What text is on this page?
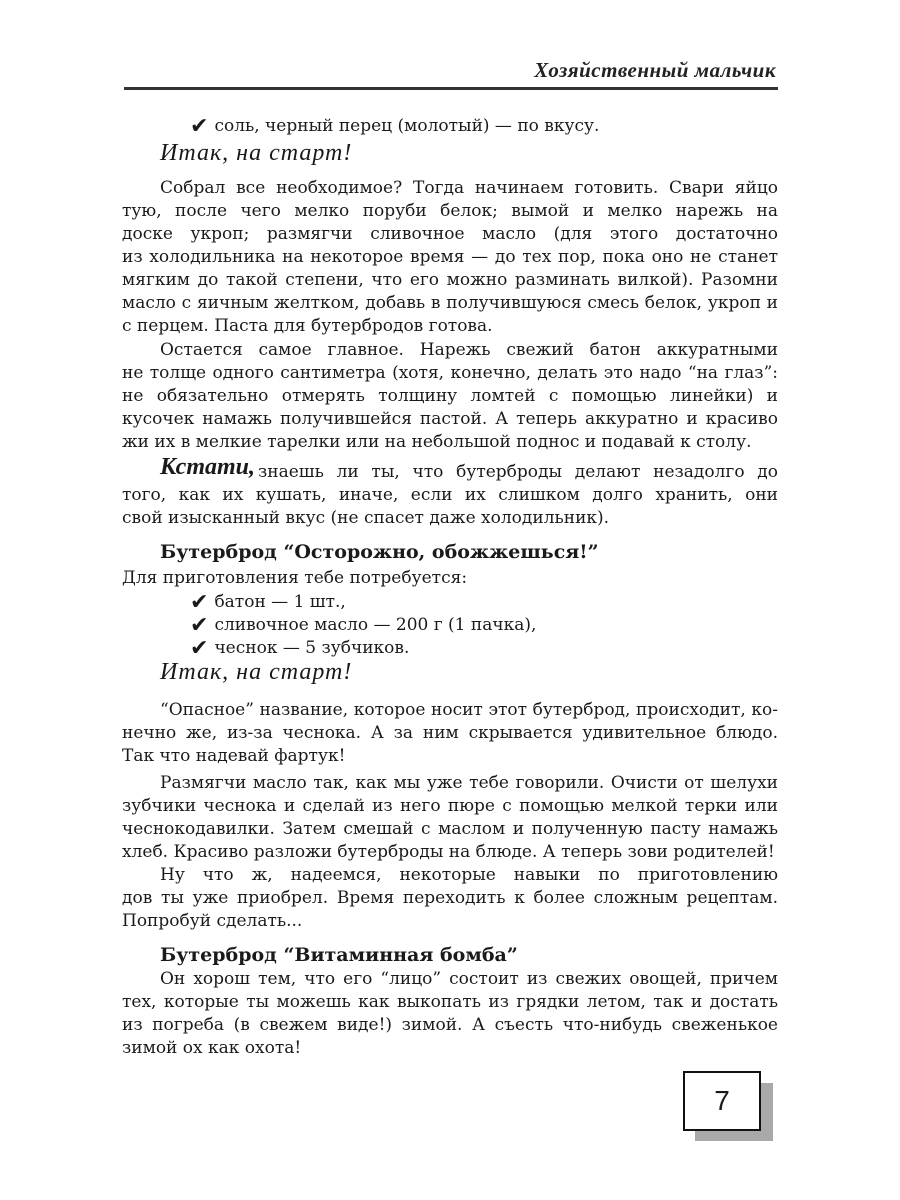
Хозяйственный мальчик
✔ соль, черный перец (молотый) — по вкусу.
Итак, на старт!
Собрал все необходимое? Тогда начинаем готовить. Свари яйцо
тую, после чего мелко поруби белок; вымой и мелко нарежь на
доске укроп; размягчи сливочное масло (для этого достаточно
из холодильника на некоторое время — до тех пор, пока оно не станет
мягким до такой степени, что его можно разминать вилкой). Разомни
масло с яичным желтком, добавь в получившуюся смесь белок, укроп и
с перцем. Паста для бутербродов готова.
Остается самое главное. Нарежь свежий батон аккуратными
не толще одного сантиметра (хотя, конечно, делать это надо “на глаз”:
не обязательно отмерять толщину ломтей с помощью линейки) и
кусочек намажь получившейся пастой. А теперь аккуратно и красиво
жи их в мелкие тарелки или на небольшой поднос и подавай к столу.
Кстати, знаешь ли ты, что бутерброды делают незадолго до
того, как их кушать, иначе, если их слишком долго хранить, они
свой изысканный вкус (не спасет даже холодильник).
Бутерброд “Осторожно, обожжешься!”
Для приготовления тебе потребуется:
✔ батон — 1 шт.,
✔ сливочное масло — 200 г (1 пачка),
✔ чеснок — 5 зубчиков.
Итак, на старт!
“Опасное” название, которое носит этот бутерброд, происходит, ко-
нечно же, из-за чеснока. А за ним скрывается удивительное блюдо.
Так что надевай фартук!
Размягчи масло так, как мы уже тебе говорили. Очисти от шелухи
зубчики чеснока и сделай из него пюре с помощью мелкой терки или
чеснокодавилки. Затем смешай с маслом и полученную пасту намажь
хлеб. Красиво разложи бутерброды на блюде. А теперь зови родителей!
Ну что ж, надеемся, некоторые навыки по приготовлению
дов ты уже приобрел. Время переходить к более сложным рецептам.
Попробуй сделать...
Бутерброд “Витаминная бомба”
Он хорош тем, что его “лицо” состоит из свежих овощей, причем
тех, которые ты можешь как выкопать из грядки летом, так и достать
из погреба (в свежем виде!) зимой. А съесть что-нибудь свеженькое
зимой ох как охота!
7
